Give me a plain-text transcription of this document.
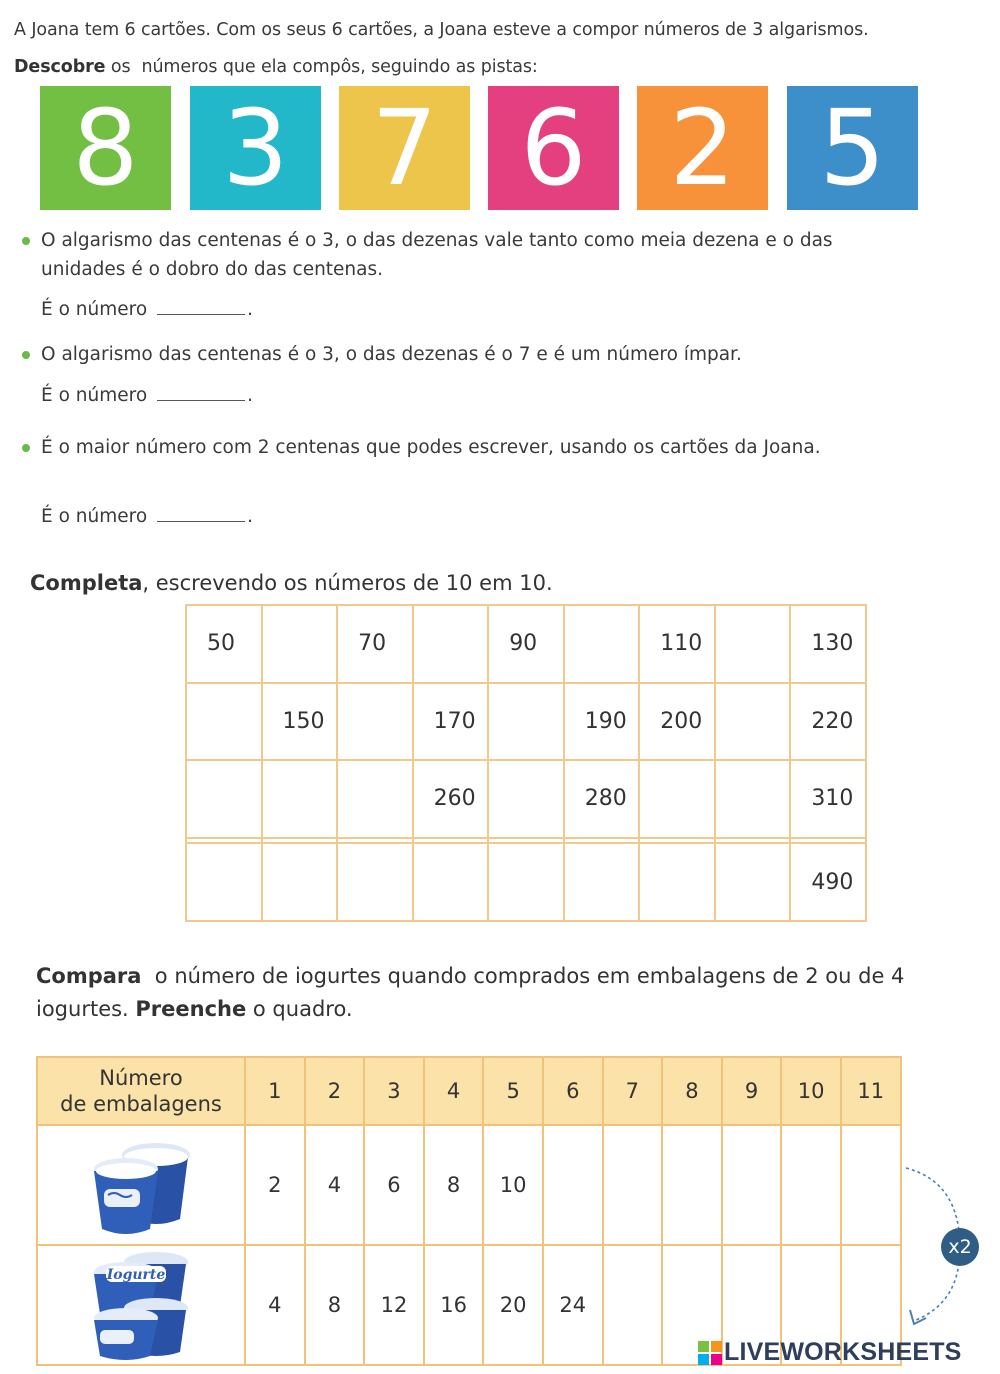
A Joana tem 6 cartões. Com os seus 6 cartões, a Joana esteve a compor números de 3 algarismos.
Descobre os  números que ela compôs, seguindo as pistas:
8 3 7 6 2 5
O algarismo das centenas é o 3, o das dezenas vale tanto como meia dezena e o das unidades é o dobro do das centenas.
É o número	.
O algarismo das centenas é o 3, o das dezenas é o 7 e é um número ímpar.
É o número	.
É o maior número com 2 centenas que podes escrever, usando os cartões da Joana.
É o número	.
Completa, escrevendo os números de 10 em 10.
50		70		90		110		130
	150		170		190	200		220
			260		280			310

								490
Compara  o número de iogurtes quando comprados em embalagens de 2 ou de 4 iogurtes. Preenche o quadro.
Número
de embalagens	1	2	3	4	5	6	7	8	9	10	11

	2	4	6	8	10						

Iogurte	4	8	12	16	20	24					
x2
LIVEWORKSHEETS
